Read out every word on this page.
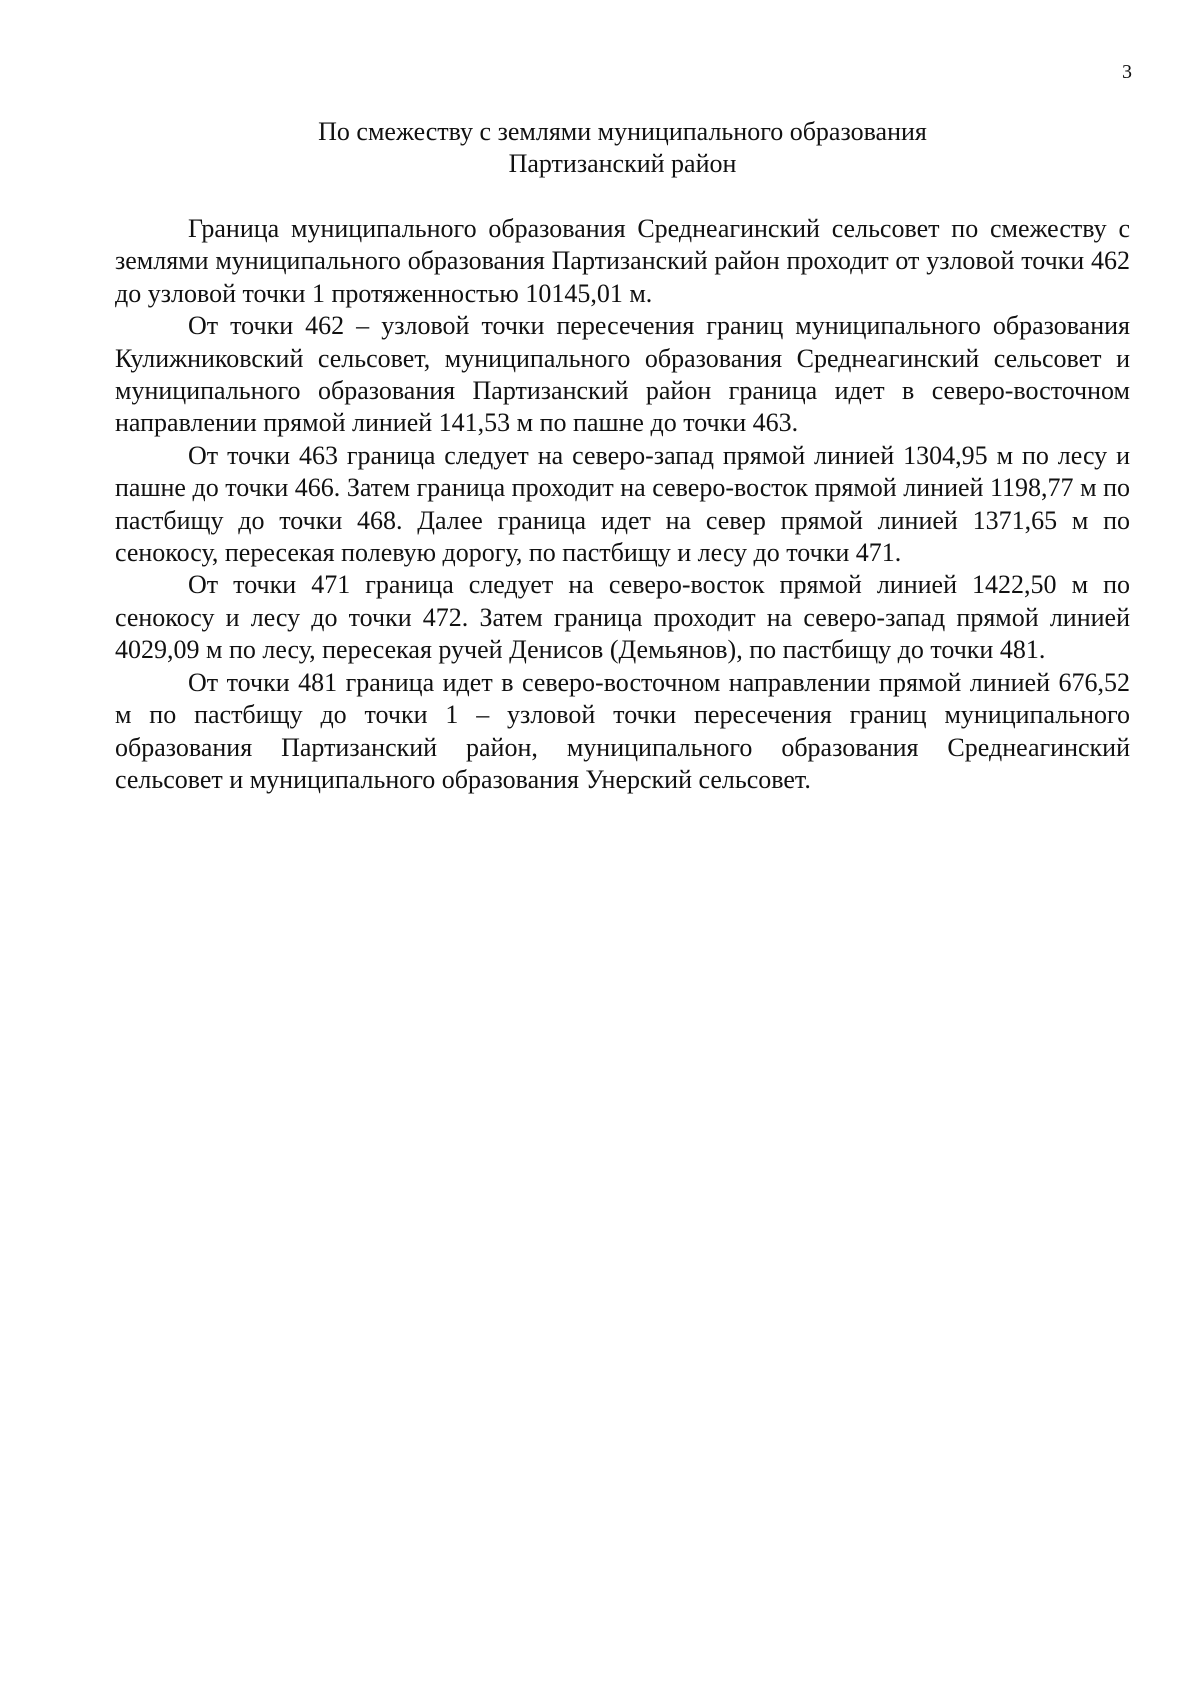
3
По смежеству с землями муниципального образования
Партизанский район

Граница муниципального образования Среднеагинский сельсовет по смежеству с землями муниципального образования Партизанский район проходит от узловой точки 462 до узловой точки 1 протяженностью 10145,01 м.

От точки 462 – узловой точки пересечения границ муниципального образования Кулижниковский сельсовет, муниципального образования Среднеагинский сельсовет и муниципального образования Партизанский район граница идет в северо-восточном направлении прямой линией 141,53 м по пашне до точки 463.

От точки 463 граница следует на северо-запад прямой линией 1304,95 м по лесу и пашне до точки 466. Затем граница проходит на северо-восток прямой линией 1198,77 м по пастбищу до точки 468. Далее граница идет на север прямой линией 1371,65 м по сенокосу, пересекая полевую дорогу, по пастбищу и лесу до точки 471.

От точки 471 граница следует на северо-восток прямой линией 1422,50 м по сенокосу и лесу до точки 472. Затем граница проходит на северо-запад прямой линией 4029,09 м по лесу, пересекая ручей Денисов (Демьянов), по пастбищу до точки 481.

От точки 481 граница идет в северо-восточном направлении прямой линией 676,52 м по пастбищу до точки 1 – узловой точки пересечения границ муниципального образования Партизанский район, муниципального образования Среднеагинский сельсовет и муниципального образования Унерский сельсовет.
